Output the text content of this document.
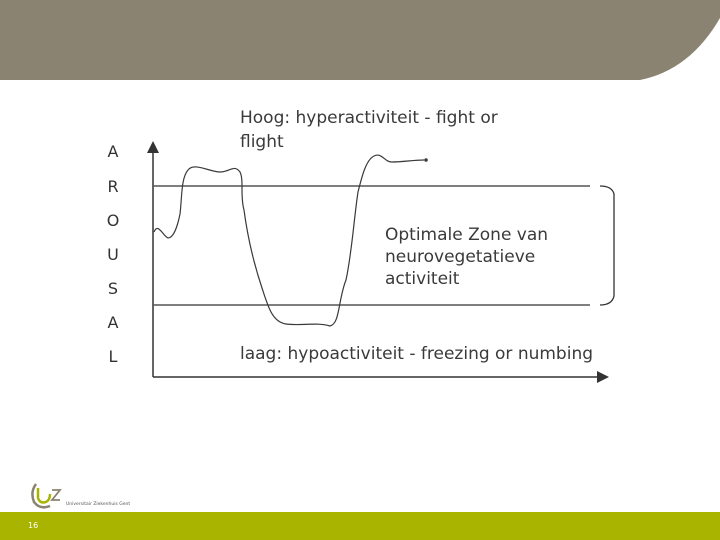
A
R
O
U
S
A
L
Hoog: hyperactiviteit - fight or
flight
Optimale Zone van
neurovegetatieve
activiteit
laag: hypoactiviteit - freezing or numbing
Universitair Ziekenhuis Gent
16
